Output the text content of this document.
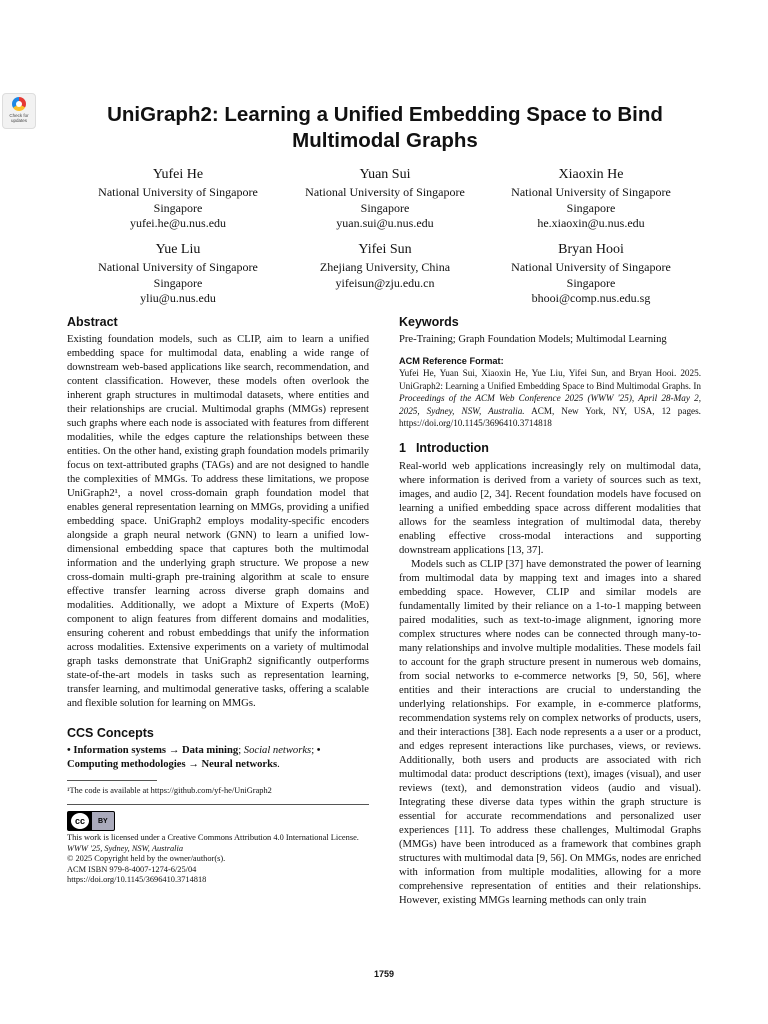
Check for updates	UniGraph2: Learning a Unified Embedding Space to Bind Multimodal Graphs
Yufei He
National University of Singapore
Singapore
yufei.he@u.nus.edu
Yuan Sui
National University of Singapore
Singapore
yuan.sui@u.nus.edu
Xiaoxin He
National University of Singapore
Singapore
he.xiaoxin@u.nus.edu
Yue Liu
National University of Singapore
Singapore
yliu@u.nus.edu
Yifei Sun
Zhejiang University, China
yifeisun@zju.edu.cn
Bryan Hooi
National University of Singapore
Singapore
bhooi@comp.nus.edu.sg
Abstract

Existing foundation models, such as CLIP, aim to learn a unified embedding space for multimodal data, enabling a wide range of downstream web-based applications like search, recommendation, and content classification. However, these models often overlook the inherent graph structures in multimodal datasets, where entities and their relationships are crucial. Multimodal graphs (MMGs) represent such graphs where each node is associated with features from different modalities, while the edges capture the relationships between these entities. On the other hand, existing graph foundation models primarily focus on text-attributed graphs (TAGs) and are not designed to handle the complexities of MMGs. To address these limitations, we propose UniGraph2¹, a novel cross-domain graph foundation model that enables general representation learning on MMGs, providing a unified embedding space. UniGraph2 employs modality-specific encoders alongside a graph neural network (GNN) to learn a unified low-dimensional embedding space that captures both the multimodal information and the underlying graph structure. We propose a new cross-domain multi-graph pre-training algorithm at scale to ensure effective transfer learning across diverse graph domains and modalities. Additionally, we adopt a Mixture of Experts (MoE) component to align features from different domains and modalities, ensuring coherent and robust embeddings that unify the information across modalities. Extensive experiments on a variety of multimodal graph tasks demonstrate that UniGraph2 significantly outperforms state-of-the-art models in tasks such as representation learning, transfer learning, and multimodal generative tasks, offering a scalable and flexible solution for learning on MMGs.

CCS Concepts

• Information systems → Data mining; Social networks; • Computing methodologies → Neural networks.

¹The code is available at https://github.com/yf-he/UniGraph2

cc	BY

This work is licensed under a Creative Commons Attribution 4.0 International License.
WWW '25, Sydney, NSW, Australia
© 2025 Copyright held by the owner/author(s).
ACM ISBN 979-8-4007-1274-6/25/04
https://doi.org/10.1145/3696410.3714818

Keywords

Pre-Training; Graph Foundation Models; Multimodal Learning

ACM Reference Format:

Yufei He, Yuan Sui, Xiaoxin He, Yue Liu, Yifei Sun, and Bryan Hooi. 2025. UniGraph2: Learning a Unified Embedding Space to Bind Multimodal Graphs. In Proceedings of the ACM Web Conference 2025 (WWW '25), April 28-May 2, 2025, Sydney, NSW, Australia. ACM, New York, NY, USA, 12 pages. https://doi.org/10.1145/3696410.3714818

1 Introduction

Real-world web applications increasingly rely on multimodal data, where information is derived from a variety of sources such as text, images, and audio [2, 34]. Recent foundation models have focused on learning a unified embedding space across different modalities that allows for the seamless integration of multimodal data, thereby enabling effective cross-modal interactions and supporting downstream applications [13, 37].

Models such as CLIP [37] have demonstrated the power of learning from multimodal data by mapping text and images into a shared embedding space. However, CLIP and similar models are fundamentally limited by their reliance on a 1-to-1 mapping between paired modalities, such as text-to-image alignment, ignoring more complex structures where nodes can be connected through many-to-many relationships and involve multiple modalities. These models fail to account for the graph structure present in numerous web domains, from social networks to e-commerce networks [9, 50, 56], where entities and their interactions are crucial to understanding the underlying relationships. For example, in e-commerce platforms, recommendation systems rely on complex networks of products, users, and their interactions [38]. Each node represents a a user or a product, and edges represent interactions like purchases, views, or reviews. Additionally, both users and products are associated with rich multimodal data: product descriptions (text), images (visual), and user reviews (text), and demonstration videos (audio and visual). Integrating these diverse data types within the graph structure is essential for accurate recommendations and personalized user experiences [11]. To address these challenges, Multimodal Graphs (MMGs) have been introduced as a framework that combines graph structures with multimodal data [9, 56]. On MMGs, nodes are enriched with information from multiple modalities, allowing for a more comprehensive representation of entities and their relationships. However, existing MMGs learning methods can only train

1759
